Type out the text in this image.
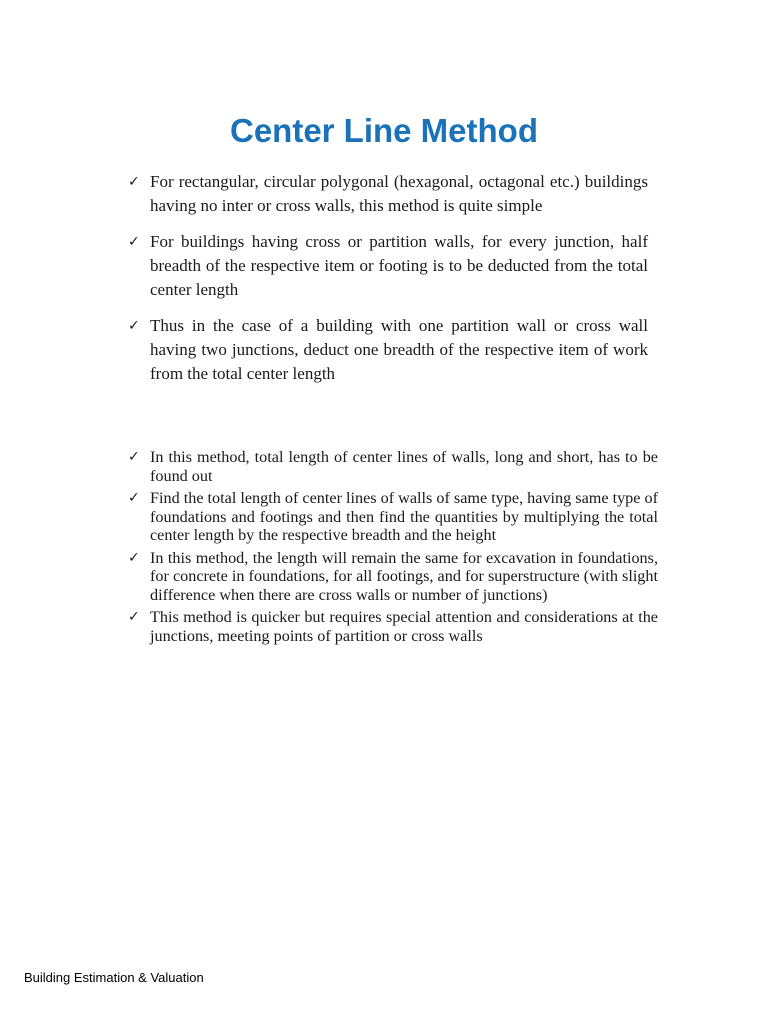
Center Line Method
✓ For rectangular, circular polygonal (hexagonal, octagonal etc.) buildings having no inter or cross walls, this method is quite simple
✓ For buildings having cross or partition walls, for every junction, half breadth of the respective item or footing is to be deducted from the total center length
✓ Thus in the case of a building with one partition wall or cross wall having two junctions, deduct one breadth of the respective item of work from the total center length
✓ In this method, total length of center lines of walls, long and short, has to be found out
✓ Find the total length of center lines of walls of same type, having same type of foundations and footings and then find the quantities by multiplying the total center length by the respective breadth and the height
✓ In this method, the length will remain the same for excavation in foundations, for concrete in foundations, for all footings, and for superstructure (with slight difference when there are cross walls or number of junctions)
✓ This method is quicker but requires special attention and considerations at the junctions, meeting points of partition or cross walls
Building Estimation & Valuation
